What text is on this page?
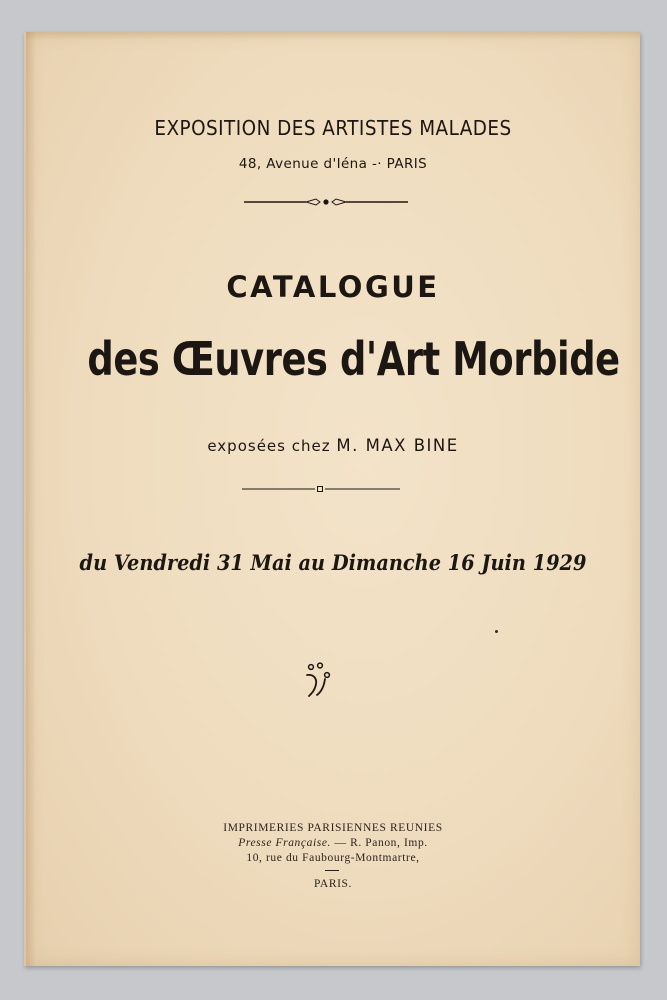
EXPOSITION DES ARTISTES MALADES
48, Avenue d'Iéna -· PARIS
CATALOGUE
des Œuvres d'Art Morbide
exposées chez M. MAX BINE
du Vendredi 31 Mai au Dimanche 16 Juin 1929
IMPRIMERIES PARISIENNES REUNIES
Presse Française. — R. Panon, Imp.
10, rue du Faubourg-Montmartre,
PARIS.
